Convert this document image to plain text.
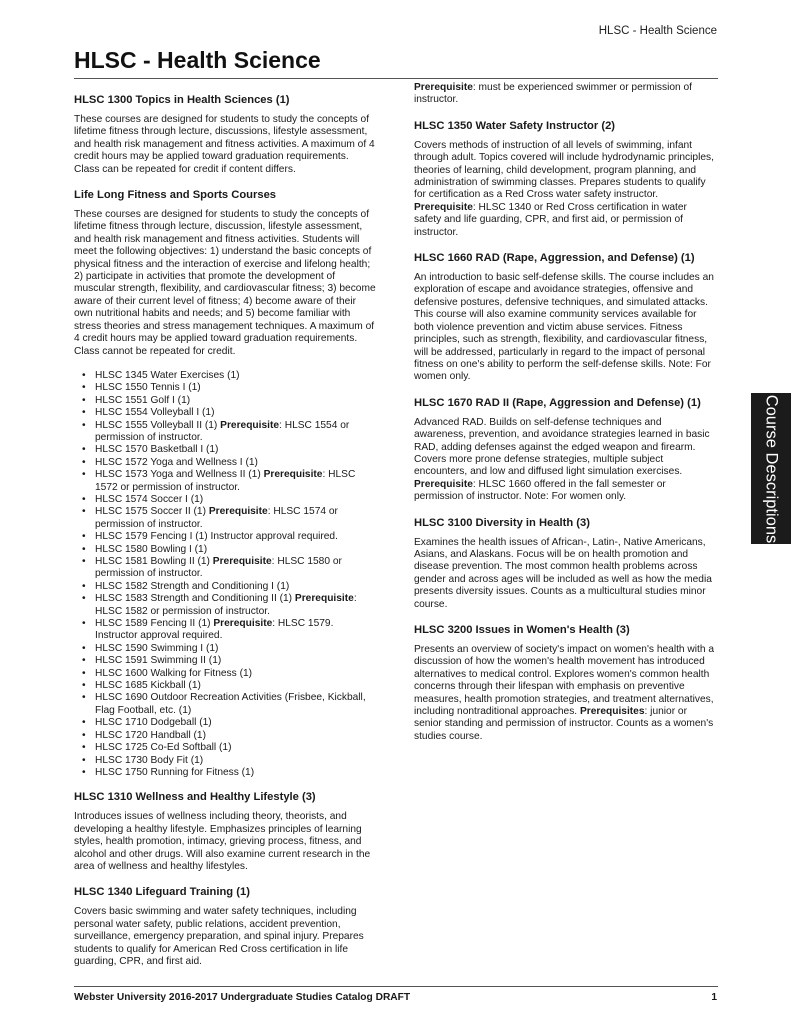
HLSC - Health Science
HLSC - Health Science
HLSC 1300 Topics in Health Sciences (1)

These courses are designed for students to study the concepts of lifetime fitness through lecture, discussions, lifestyle assessment, and health risk management and fitness activities. A maximum of 4 credit hours may be applied toward graduation requirements. Class can be repeated for credit if content differs.

Life Long Fitness and Sports Courses

These courses are designed for students to study the concepts of lifetime fitness through lecture, discussion, lifestyle assessment, and health risk management and fitness activities. Students will meet the following objectives: 1) understand the basic concepts of physical fitness and the interaction of exercise and lifelong health; 2) participate in activities that promote the development of muscular strength, flexibility, and cardiovascular fitness; 3) become aware of their current level of fitness; 4) become aware of their own nutritional habits and needs; and 5) become familiar with stress theories and stress management techniques. A maximum of 4 credit hours may be applied toward graduation requirements. Class cannot be repeated for credit.

• HLSC 1345 Water Exercises (1)
• HLSC 1550 Tennis I (1)
• HLSC 1551 Golf I (1)
• HLSC 1554 Volleyball I (1)
• HLSC 1555 Volleyball II (1) Prerequisite: HLSC 1554 or permission of instructor.
• HLSC 1570 Basketball I (1)
• HLSC 1572 Yoga and Wellness I (1)
• HLSC 1573 Yoga and Wellness II (1) Prerequisite: HLSC 1572 or permission of instructor.
• HLSC 1574 Soccer I (1)
• HLSC 1575 Soccer II (1) Prerequisite: HLSC 1574 or permission of instructor.
• HLSC 1579 Fencing I (1) Instructor approval required.
• HLSC 1580 Bowling I (1)
• HLSC 1581 Bowling II (1) Prerequisite: HLSC 1580 or permission of instructor.
• HLSC 1582 Strength and Conditioning I (1)
• HLSC 1583 Strength and Conditioning II (1) Prerequisite: HLSC 1582 or permission of instructor.
• HLSC 1589 Fencing II (1) Prerequisite: HLSC 1579. Instructor approval required.
• HLSC 1590 Swimming I (1)
• HLSC 1591 Swimming II (1)
• HLSC 1600 Walking for Fitness (1)
• HLSC 1685 Kickball (1)
• HLSC 1690 Outdoor Recreation Activities (Frisbee, Kickball, Flag Football, etc. (1)
• HLSC 1710 Dodgeball (1)
• HLSC 1720 Handball (1)
• HLSC 1725 Co-Ed Softball (1)
• HLSC 1730 Body Fit (1)
• HLSC 1750 Running for Fitness (1)
HLSC 1310 Wellness and Healthy Lifestyle (3)

Introduces issues of wellness including theory, theorists, and developing a healthy lifestyle. Emphasizes principles of learning styles, health promotion, intimacy, grieving process, fitness, and alcohol and other drugs. Will also examine current research in the area of wellness and healthy lifestyles.

HLSC 1340 Lifeguard Training (1)

Covers basic swimming and water safety techniques, including personal water safety, public relations, accident prevention, surveillance, emergency preparation, and spinal injury. Prepares students to qualify for American Red Cross certification in life guarding, CPR, and first aid.

Prerequisite: must be experienced swimmer or permission of instructor.

HLSC 1350 Water Safety Instructor (2)

Covers methods of instruction of all levels of swimming, infant through adult. Topics covered will include hydrodynamic principles, theories of learning, child development, program planning, and administration of swimming classes. Prepares students to qualify for certification as a Red Cross water safety instructor. Prerequisite: HLSC 1340 or Red Cross certification in water safety and life guarding, CPR, and first aid, or permission of instructor.

HLSC 1660 RAD (Rape, Aggression, and Defense) (1)

An introduction to basic self-defense skills. The course includes an exploration of escape and avoidance strategies, offensive and defensive postures, defensive techniques, and simulated attacks. This course will also examine community services available for both violence prevention and victim abuse services. Fitness principles, such as strength, flexibility, and cardiovascular fitness, will be addressed, particularly in regard to the impact of personal fitness on one's ability to perform the self-defense skills. Note: For women only.

HLSC 1670 RAD II (Rape, Aggression and Defense) (1)

Advanced RAD. Builds on self-defense techniques and awareness, prevention, and avoidance strategies learned in basic RAD, adding defenses against the edged weapon and firearm. Covers more prone defense strategies, multiple subject encounters, and low and diffused light simulation exercises. Prerequisite: HLSC 1660 offered in the fall semester or permission of instructor. Note: For women only.

HLSC 3100 Diversity in Health (3)

Examines the health issues of African-, Latin-, Native Americans, Asians, and Alaskans. Focus will be on health promotion and disease prevention. The most common health problems across gender and across ages will be included as well as how the media presents diversity issues. Counts as a multicultural studies minor course.

HLSC 3200 Issues in Women's Health (3)

Presents an overview of society's impact on women's health with a discussion of how the women's health movement has introduced alternatives to medical control. Explores women's common health concerns through their lifespan with emphasis on preventive measures, health promotion strategies, and treatment alternatives, including nontraditional approaches. Prerequisites: junior or senior standing and permission of instructor. Counts as a women's studies course.

Course Descriptions
Webster University 2016-2017 Undergraduate Studies Catalog DRAFT	1
